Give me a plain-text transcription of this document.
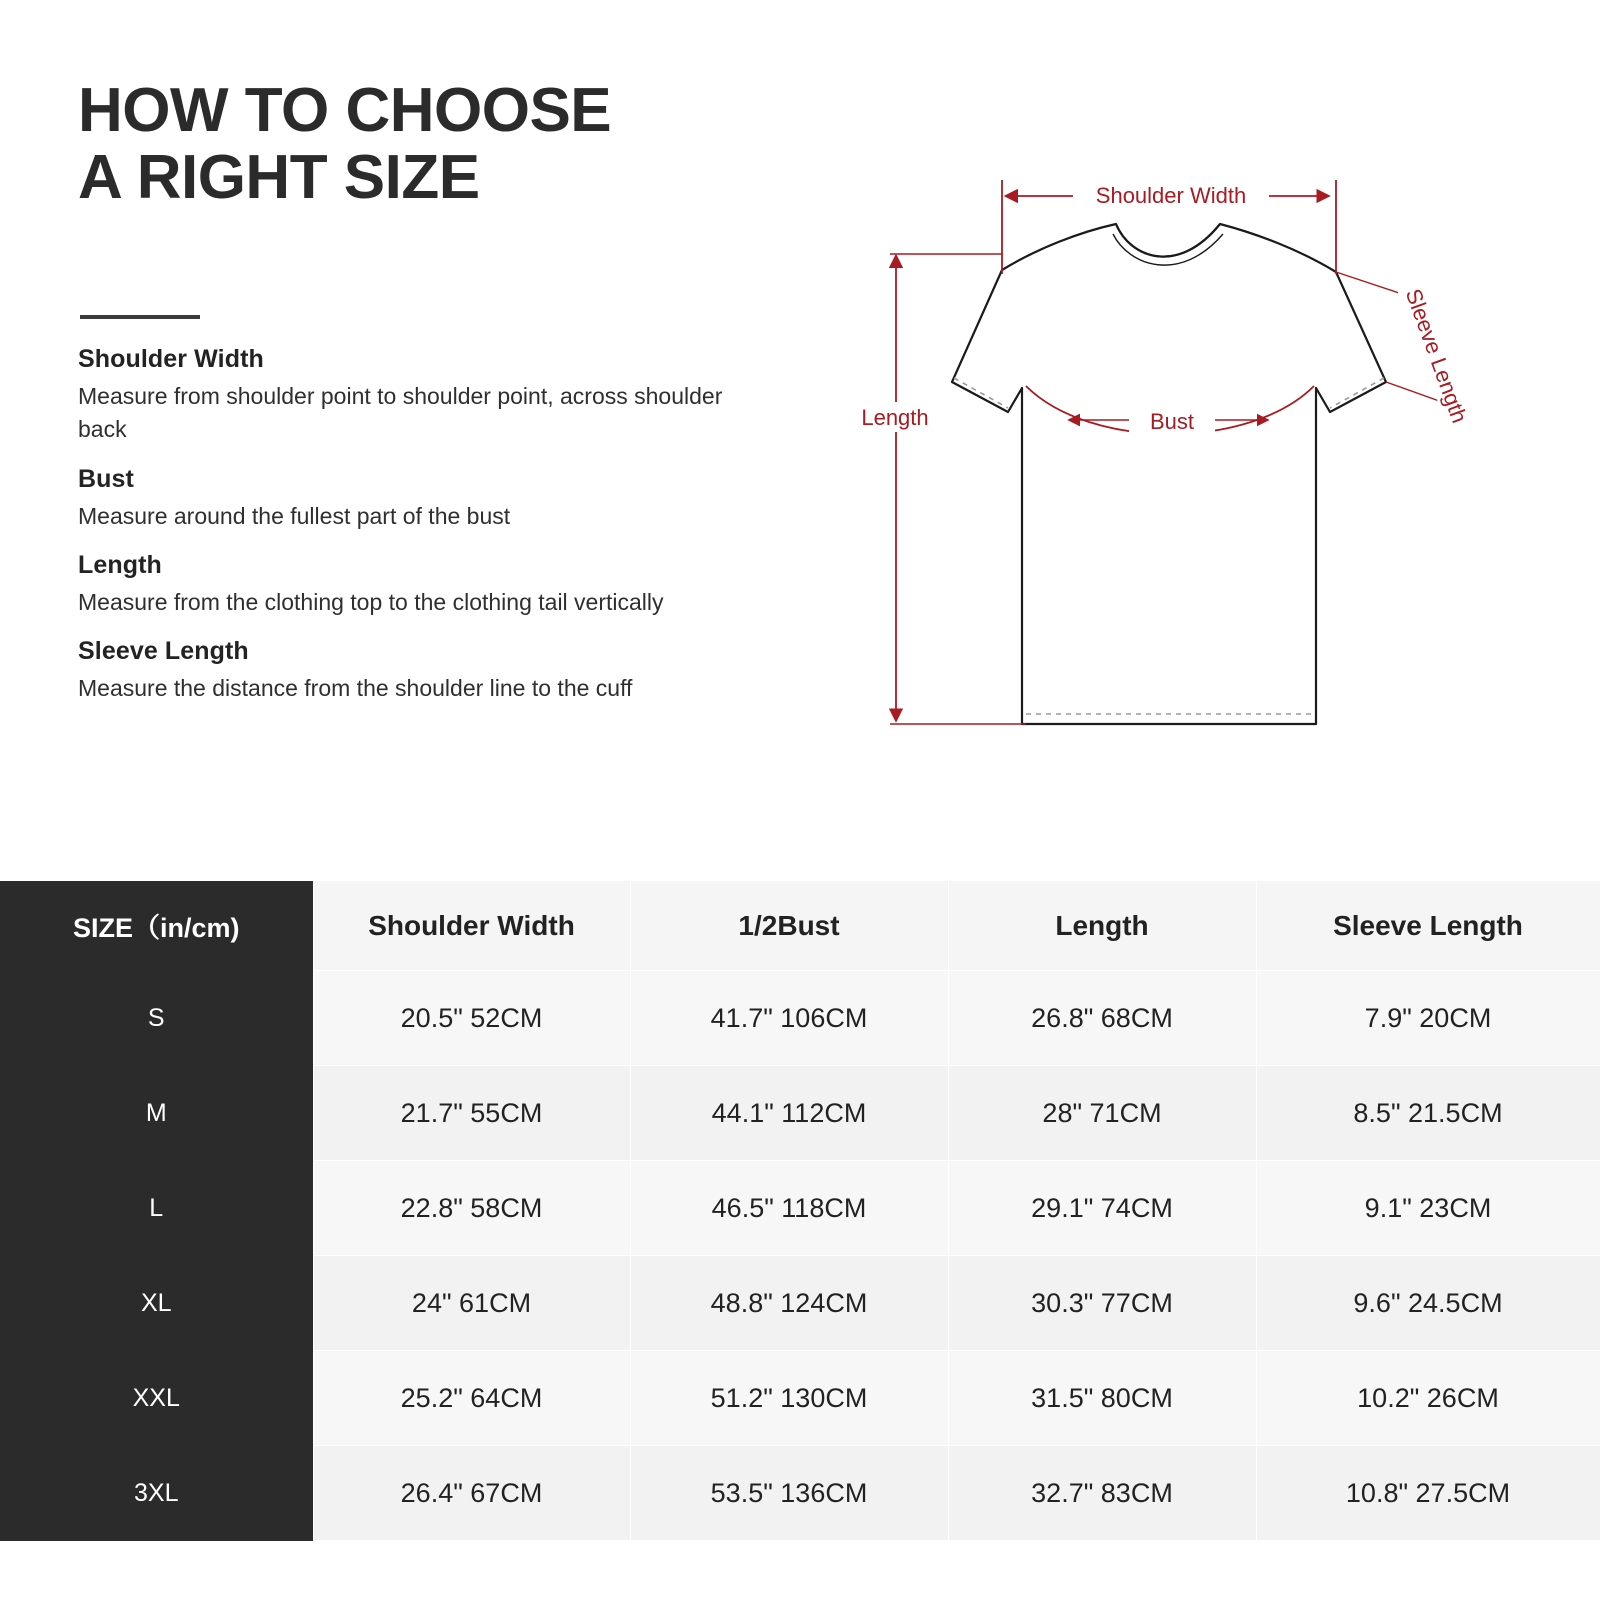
HOW TO CHOOSE
A RIGHT SIZE
Shoulder Width
Measure from shoulder point to shoulder point, across shoulder back
Bust
Measure around the fullest part of the bust
Length
Measure from the clothing top to the clothing tail vertically
Sleeve Length
Measure the distance from the shoulder line to the cuff
Shoulder Width
Length	Bust	Sleeve Length
SIZE（in/cm)	Shoulder Width	1/2Bust	Length	Sleeve Length
S	20.5" 52CM	41.7" 106CM	26.8" 68CM	7.9" 20CM
M	21.7" 55CM	44.1" 112CM	28" 71CM	8.5" 21.5CM
L	22.8" 58CM	46.5" 118CM	29.1" 74CM	9.1" 23CM
XL	24" 61CM	48.8" 124CM	30.3" 77CM	9.6" 24.5CM
XXL	25.2" 64CM	51.2" 130CM	31.5" 80CM	10.2" 26CM
3XL	26.4" 67CM	53.5" 136CM	32.7" 83CM	10.8" 27.5CM
